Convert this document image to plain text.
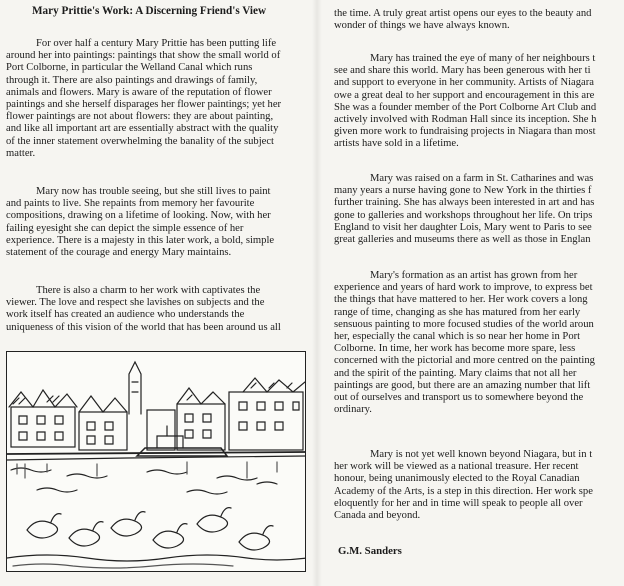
Mary Prittie's Work: A Discerning Friend's View
For over half a century Mary Prittie has been putting life
around her into paintings: paintings that show the small world of
Port Colborne, in particular the Welland Canal which runs
through it. There are also paintings and drawings of family,
animals and flowers. Mary is aware of the reputation of flower
paintings and she herself disparages her flower paintings; yet her
flower paintings are not about flowers: they are about painting,
and like all important art are essentially abstract with the quality
of the inner statement overwhelming the banality of the subject
matter.
Mary now has trouble seeing, but she still lives to paint
and paints to live. She repaints from memory her favourite
compositions, drawing on a lifetime of looking. Now, with her
failing eyesight she can depict the simple essence of her
experience. There is a majesty in this later work, a bold, simple
statement of the courage and energy Mary maintains.
There is also a charm to her work with captivates the
viewer. The love and respect she lavishes on subjects and the
work itself has created an audience who understands the
uniqueness of this vision of the world that has been around us all
the time. A truly great artist opens our eyes to the beauty and
wonder of things we have always known.
Mary has trained the eye of many of her neighbours t
see and share this world. Mary has been generous with her ti
and support to everyone in her community. Artists of Niagara
owe a great deal to her support and encouragement in this are
She was a founder member of the Port Colborne Art Club and
actively involved with Rodman Hall since its inception. She h
given more work to fundraising projects in Niagara than most
artists have sold in a lifetime.
Mary was raised on a farm in St. Catharines and was
many years a nurse having gone to New York in the thirties f
further training. She has always been interested in art and has
gone to galleries and workshops throughout her life. On trips
England to visit her daughter Lois, Mary went to Paris to see
great galleries and museums there as well as those in Englan
Mary's formation as an artist has grown from her
experience and years of hard work to improve, to express bet
the things that have mattered to her. Her work covers a long
range of time, changing as she has matured from her early
sensuous painting to more focused studies of the world aroun
her, especially the canal which is so near her home in Port
Colborne. In time, her work has become more spare, less
concerned with the pictorial and more centred on the painting
and the spirit of the painting. Mary claims that not all her
paintings are good, but there are an amazing number that lift
out of ourselves and transport us to somewhere beyond the
ordinary.
Mary is not yet well known beyond Niagara, but in t
her work will be viewed as a national treasure. Her recent
honour, being unanimously elected to the Royal Canadian
Academy of the Arts, is a step in this direction. Her work spe
eloquently for her and in time will speak to people all over
Canada and beyond.
G.M. Sanders
